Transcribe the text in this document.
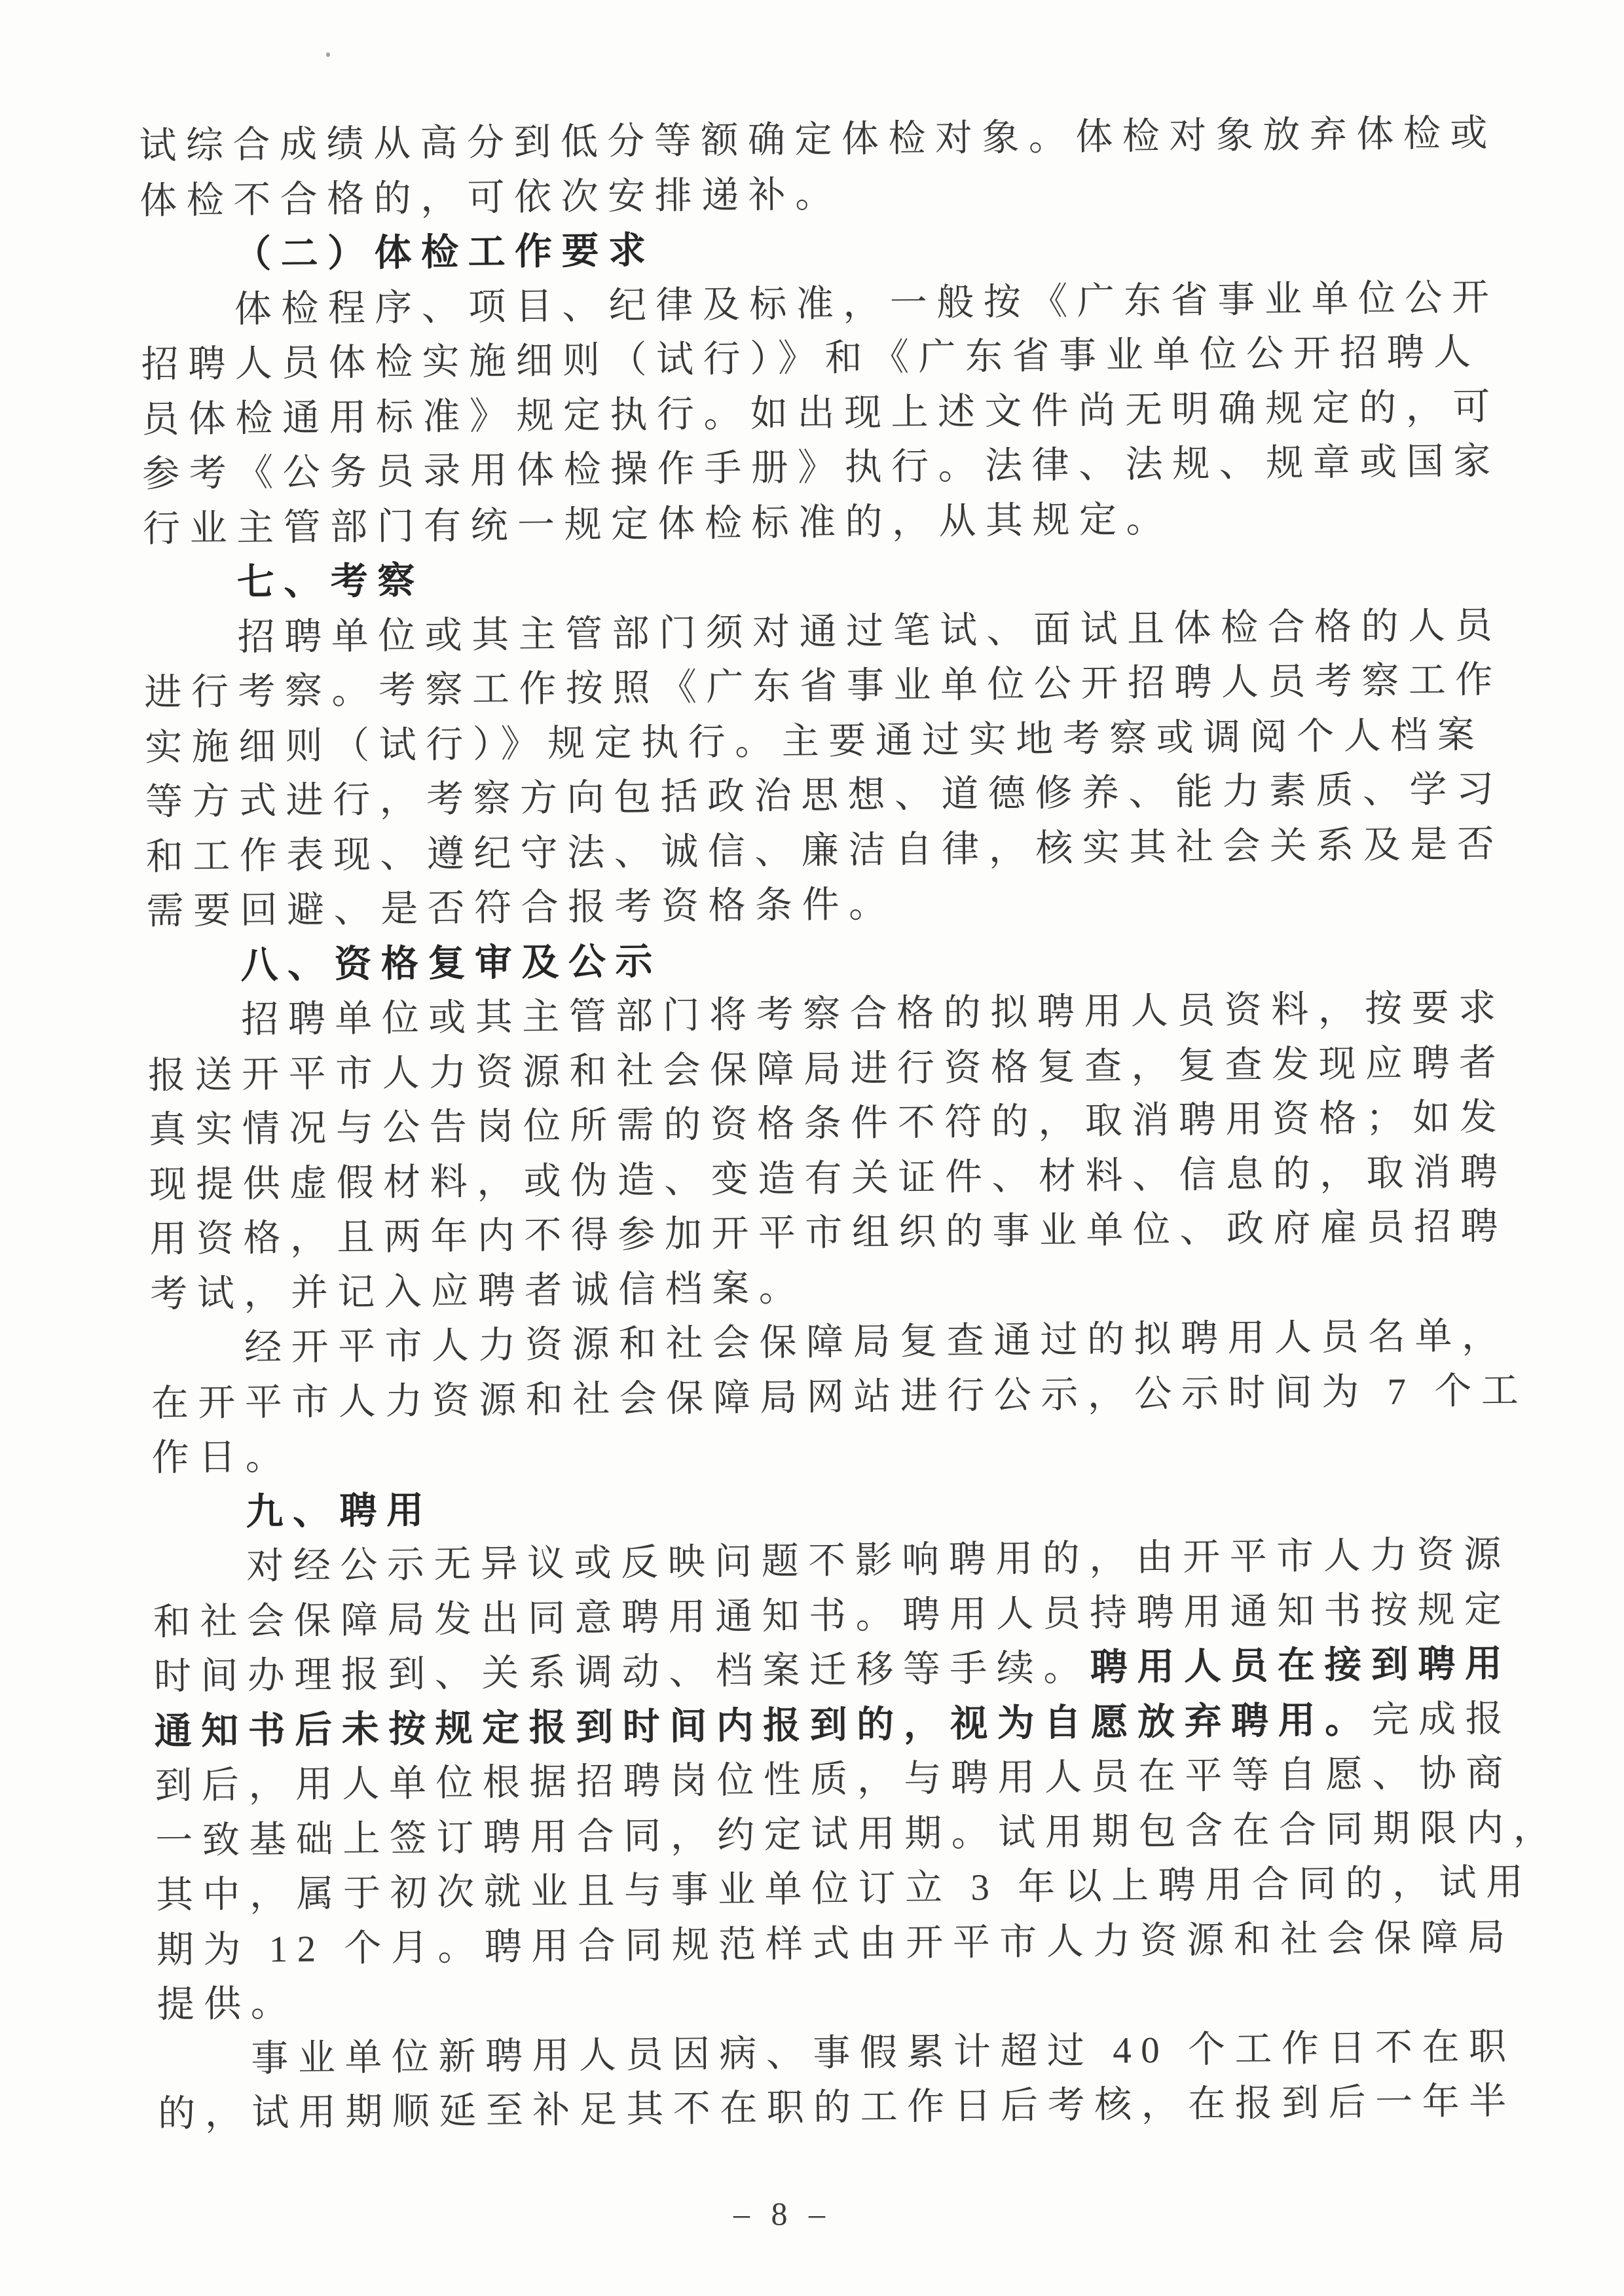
试综合成绩从高分到低分等额确定体检对象。体检对象放弃体检或
体检不合格的，可依次安排递补。
（二）体检工作要求
体检程序、项目、纪律及标准，一般按《广东省事业单位公开
招聘人员体检实施细则（试行）》和《广东省事业单位公开招聘人
员体检通用标准》规定执行。如出现上述文件尚无明确规定的，可
参考《公务员录用体检操作手册》执行。法律、法规、规章或国家
行业主管部门有统一规定体检标准的，从其规定。
七、考察
招聘单位或其主管部门须对通过笔试、面试且体检合格的人员
进行考察。考察工作按照《广东省事业单位公开招聘人员考察工作
实施细则（试行）》规定执行。主要通过实地考察或调阅个人档案
等方式进行，考察方向包括政治思想、道德修养、能力素质、学习
和工作表现、遵纪守法、诚信、廉洁自律，核实其社会关系及是否
需要回避、是否符合报考资格条件。
八、资格复审及公示
招聘单位或其主管部门将考察合格的拟聘用人员资料，按要求
报送开平市人力资源和社会保障局进行资格复查，复查发现应聘者
真实情况与公告岗位所需的资格条件不符的，取消聘用资格；如发
现提供虚假材料，或伪造、变造有关证件、材料、信息的，取消聘
用资格，且两年内不得参加开平市组织的事业单位、政府雇员招聘
考试，并记入应聘者诚信档案。
经开平市人力资源和社会保障局复查通过的拟聘用人员名单，
在开平市人力资源和社会保障局网站进行公示，公示时间为 7 个工
作日。
九、聘用
对经公示无异议或反映问题不影响聘用的，由开平市人力资源
和社会保障局发出同意聘用通知书。聘用人员持聘用通知书按规定
时间办理报到、关系调动、档案迁移等手续。聘用人员在接到聘用
通知书后未按规定报到时间内报到的，视为自愿放弃聘用。完成报
到后，用人单位根据招聘岗位性质，与聘用人员在平等自愿、协商
一致基础上签订聘用合同，约定试用期。试用期包含在合同期限内，
其中，属于初次就业且与事业单位订立 3 年以上聘用合同的，试用
期为 12 个月。聘用合同规范样式由开平市人力资源和社会保障局
提供。
事业单位新聘用人员因病、事假累计超过 40 个工作日不在职
的，试用期顺延至补足其不在职的工作日后考核，在报到后一年半
– 8 –
